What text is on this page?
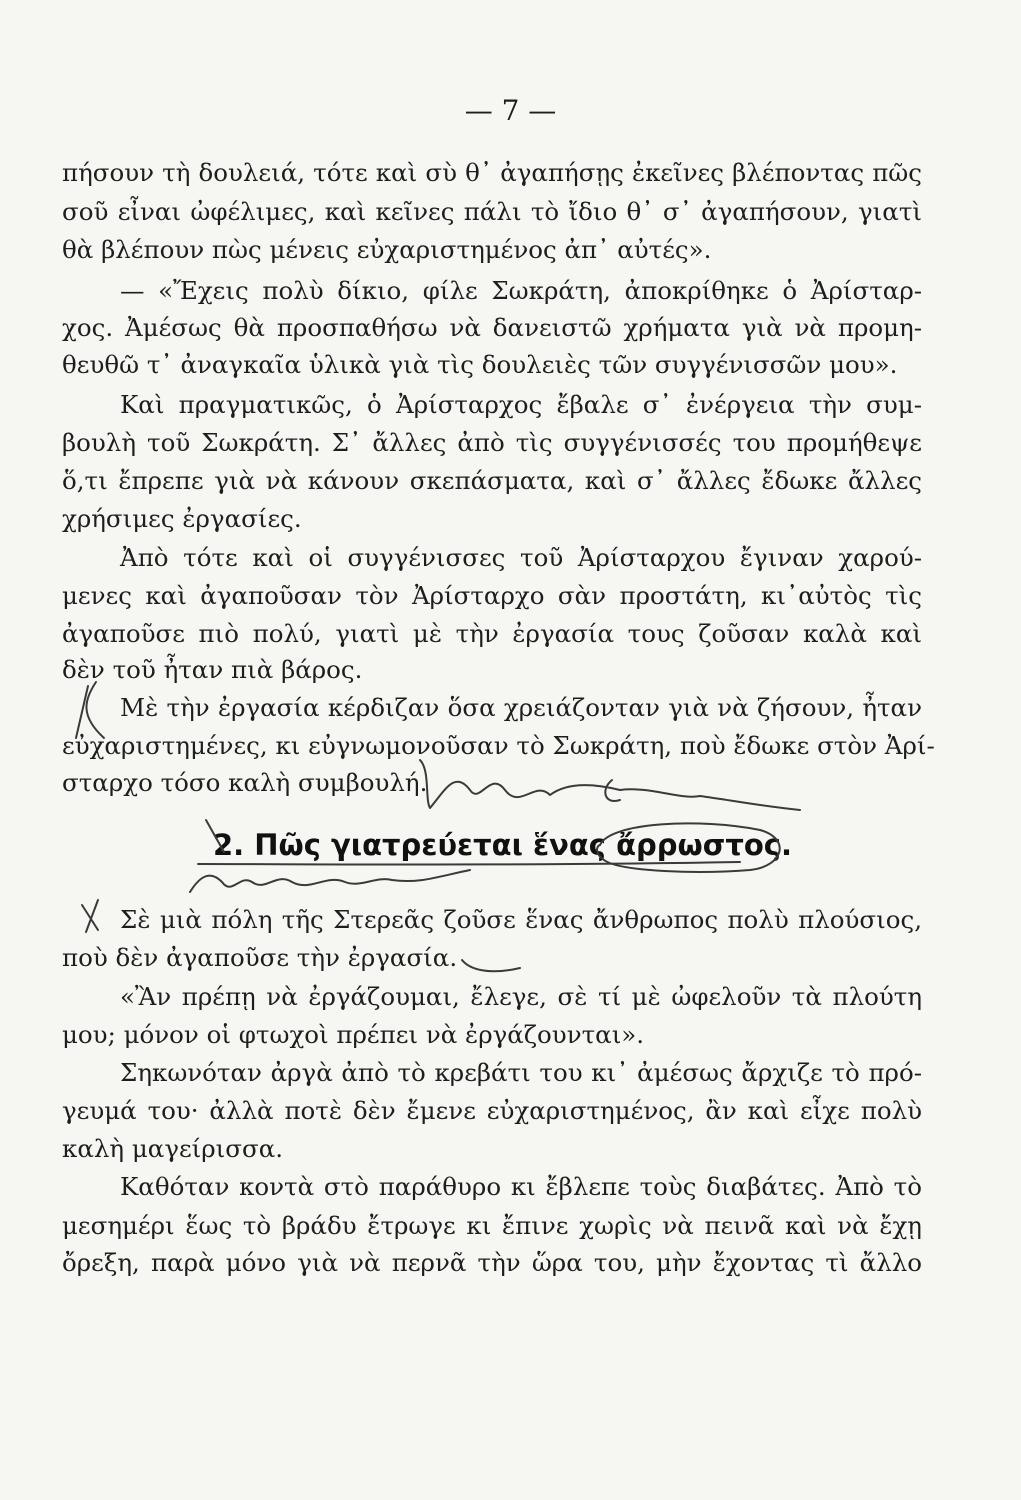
— 7 —
πήσουν τὴ δουλειά, τότε καὶ σὺ θ᾽ ἀγαπήσῃς ἐκεῖνες βλέποντας πῶς
σοῦ εἶναι ὠφέλιμες, καὶ κεῖνες πάλι τὸ ἴδιο θ᾽ σ᾽ ἀγαπήσουν, γιατὶ
θὰ βλέπουν πὼς μένεις εὐχαριστημένος ἀπ᾽ αὐτές».
— «Ἔχεις πολὺ δίκιο, φίλε Σωκράτη, ἀποκρίθηκε ὁ Ἀρίσταρ-
χος. Ἀμέσως θὰ προσπαθήσω νὰ δανειστῶ χρήματα γιὰ νὰ προμη-
θευθῶ τ᾽ ἀναγκαῖα ὑλικὰ γιὰ τὶς δουλειὲς τῶν συγγένισσῶν μου».
Καὶ πραγματικῶς, ὁ Ἀρίσταρχος ἔβαλε σ᾽ ἐνέργεια τὴν συμ-
βουλὴ τοῦ Σωκράτη. Σ᾽ ἄλλες ἀπὸ τὶς συγγένισσές του προμήθεψε
ὅ,τι ἔπρεπε γιὰ νὰ κάνουν σκεπάσματα, καὶ σ᾽ ἄλλες ἔδωκε ἄλλες
χρήσιμες ἐργασίες.
Ἀπὸ τότε καὶ οἱ συγγένισσες τοῦ Ἀρίσταρχου ἔγιναν χαρού-
μενες καὶ ἀγαποῦσαν τὸν Ἀρίσταρχο σὰν προστάτη, κι᾽αὐτὸς τὶς
ἀγαποῦσε πιὸ πολύ, γιατὶ μὲ τὴν ἐργασία τους ζοῦσαν καλὰ καὶ
δὲν τοῦ ἦταν πιὰ βάρος.
Μὲ τὴν ἐργασία κέρδιζαν ὅσα χρειάζονταν γιὰ νὰ ζήσουν, ἦταν
εὐχαριστημένες, κι εὐγνωμονοῦσαν τὸ Σωκράτη, ποὺ ἔδωκε στὸν Ἀρί-
σταρχο τόσο καλὴ συμβουλή.
2. Πῶς γιατρεύεται ἕνας ἄρρωστος.
Σὲ μιὰ πόλη τῆς Στερεᾶς ζοῦσε ἕνας ἄνθρωπος πολὺ πλούσιος,
ποὺ δὲν ἀγαποῦσε τὴν ἐργασία.
«Ἂν πρέπῃ νὰ ἐργάζουμαι, ἔλεγε, σὲ τί μὲ ὠφελοῦν τὰ πλούτη
μου; μόνον οἱ φτωχοὶ πρέπει νὰ ἐργάζουνται».
Σηκωνόταν ἀργὰ ἀπὸ τὸ κρεβάτι του κι᾽ ἀμέσως ἄρχιζε τὸ πρό-
γευμά του· ἀλλὰ ποτὲ δὲν ἔμενε εὐχαριστημένος, ἂν καὶ εἶχε πολὺ
καλὴ μαγείρισσα.
Καθόταν κοντὰ στὸ παράθυρο κι ἔβλεπε τοὺς διαβάτες. Ἀπὸ τὸ
μεσημέρι ἕως τὸ βράδυ ἔτρωγε κι ἔπινε χωρὶς νὰ πεινᾶ καὶ νὰ ἔχῃ
ὄρεξη, παρὰ μόνο γιὰ νὰ περνᾶ τὴν ὥρα του, μὴν ἔχοντας τὶ ἄλλο
